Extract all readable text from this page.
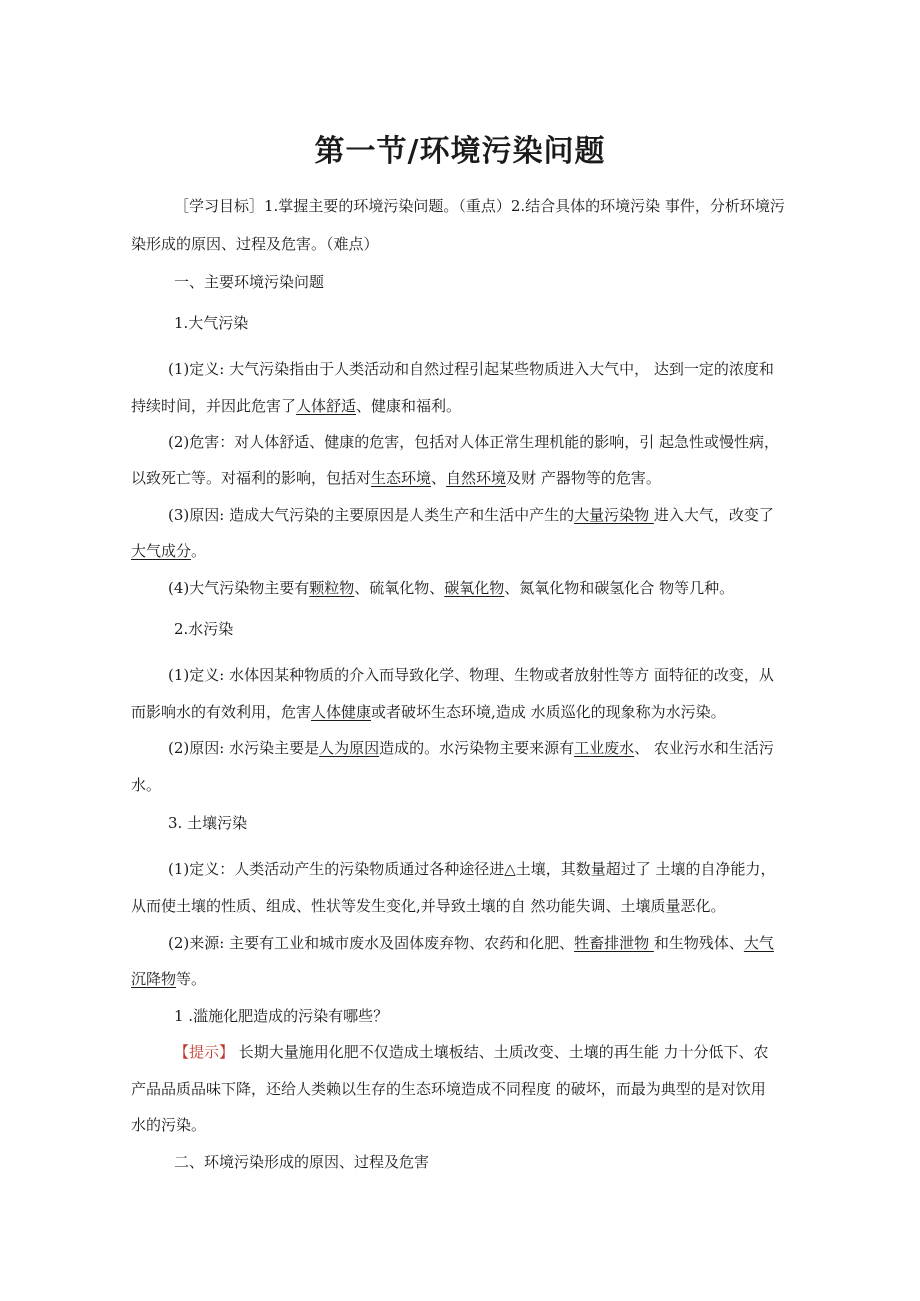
第一节/环境污染问题
［学习目标］1.掌握主要的环境污染问题。（重点）2.结合具体的环境污染 事件，分析环境污
染形成的原因、过程及危害。（难点）
一、主要环境污染问题
1.大气污染
(1)定义: 大气污染指由于人类活动和自然过程引起某些物质进入大气中， 达到一定的浓度和
持续时间，并因此危害了人体舒适、健康和福利。
(2)危害：对人体舒适、健康的危害，包括对人体正常生理机能的影响，引 起急性或慢性病，
以致死亡等。对福利的影响，包括对生态环境、自然环境及财 产器物等的危害。
(3)原因: 造成大气污染的主要原因是人类生产和生活中产生的大量污染物 进入大气，改变了
大气成分。
(4)大气污染物主要有颗粒物、硫氧化物、碳氧化物、氮氧化物和碳氢化合 物等几种。
2.水污染
(1)定义: 水体因某种物质的介入而导致化学、物理、生物或者放射性等方 面特征的改变，从
而影响水的有效利用，危害人体健康或者破坏生态环境,造成 水质巡化的现象称为水污染。
(2)原因: 水污染主要是人为原因造成的。水污染物主要来源有工业废水、 农业污水和生活污
水。
3. 土壤污染
(1)定义：人类活动产生的污染物质通过各种途径进△土壤，其数量超过了 土壤的自净能力，
从而使土壤的性质、组成、性状等发生变化,并导致土壤的自 然功能失调、土壤质量恶化。
(2)来源: 主要有工业和城市废水及固体废弃物、农药和化肥、牲畜排泄物 和生物残体、大气
沉降物等。
1 .滥施化肥造成的污染有哪些？
【提示】 长期大量施用化肥不仅造成土壤板结、土质改变、土壤的再生能 力十分低下、农
产品品质品味下降，还给人类赖以生存的生态环境造成不同程度 的破坏，而最为典型的是对饮用
水的污染。
二、环境污染形成的原因、过程及危害
